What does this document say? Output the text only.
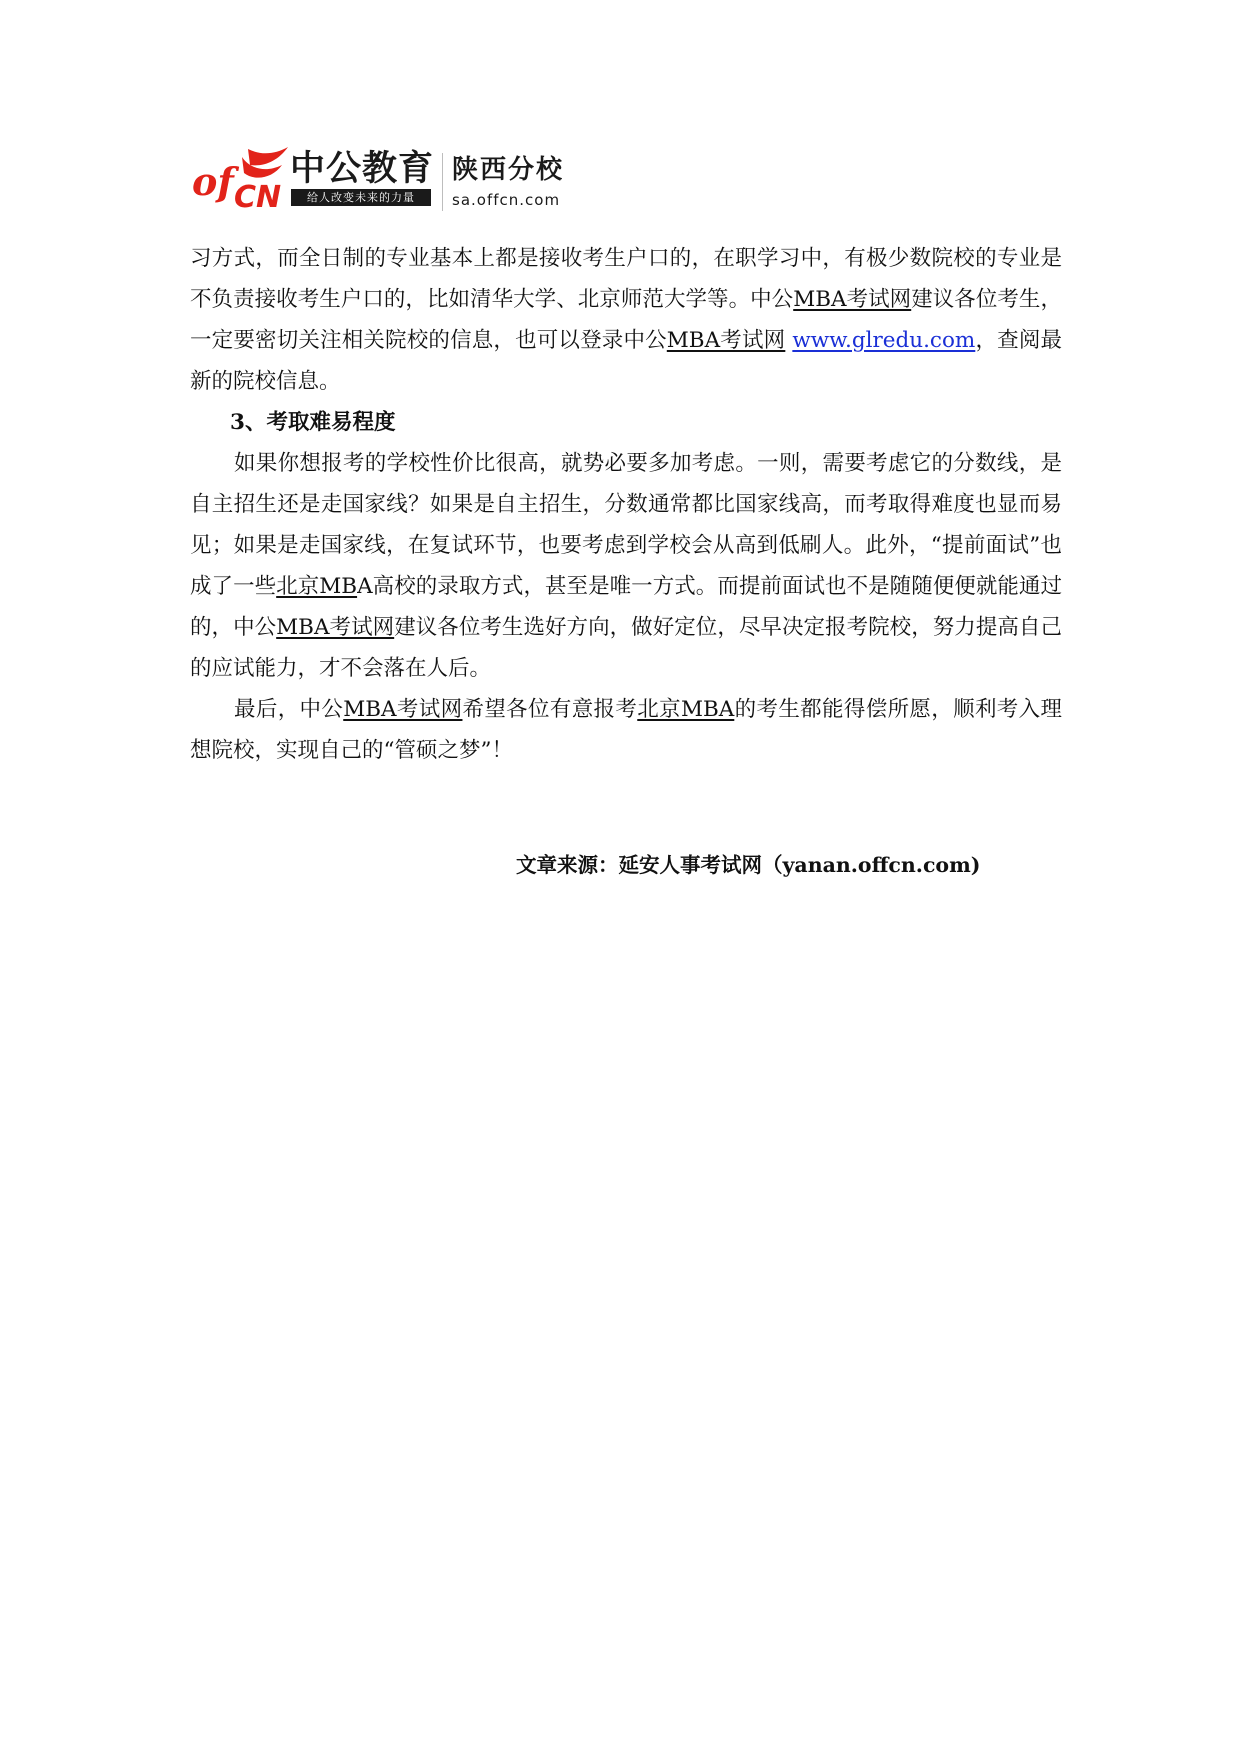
of CN
中公教育
给人改变未来的力量
陕西分校
sa.offcn.com

习方式，而全日制的专业基本上都是接收考生户口的，在职学习中，有极少数院校的专业是不负责接收考生户口的，比如清华大学、北京师范大学等。中公MBA考试网建议各位考生，一定要密切关注相关院校的信息，也可以登录中公MBA考试网 www.glredu.com，查阅最新的院校信息。

3、考取难易程度

如果你想报考的学校性价比很高，就势必要多加考虑。一则，需要考虑它的分数线，是自主招生还是走国家线？如果是自主招生，分数通常都比国家线高，而考取得难度也显而易见；如果是走国家线，在复试环节，也要考虑到学校会从高到低刷人。此外，“提前面试”也成了一些北京MBA高校的录取方式，甚至是唯一方式。而提前面试也不是随随便便就能通过的，中公MBA考试网建议各位考生选好方向，做好定位，尽早决定报考院校，努力提高自己的应试能力，才不会落在人后。

最后，中公MBA考试网希望各位有意报考北京MBA的考生都能得偿所愿，顺利考入理想院校，实现自己的“管硕之梦”！

文章来源：延安人事考试网（yanan.offcn.com)
